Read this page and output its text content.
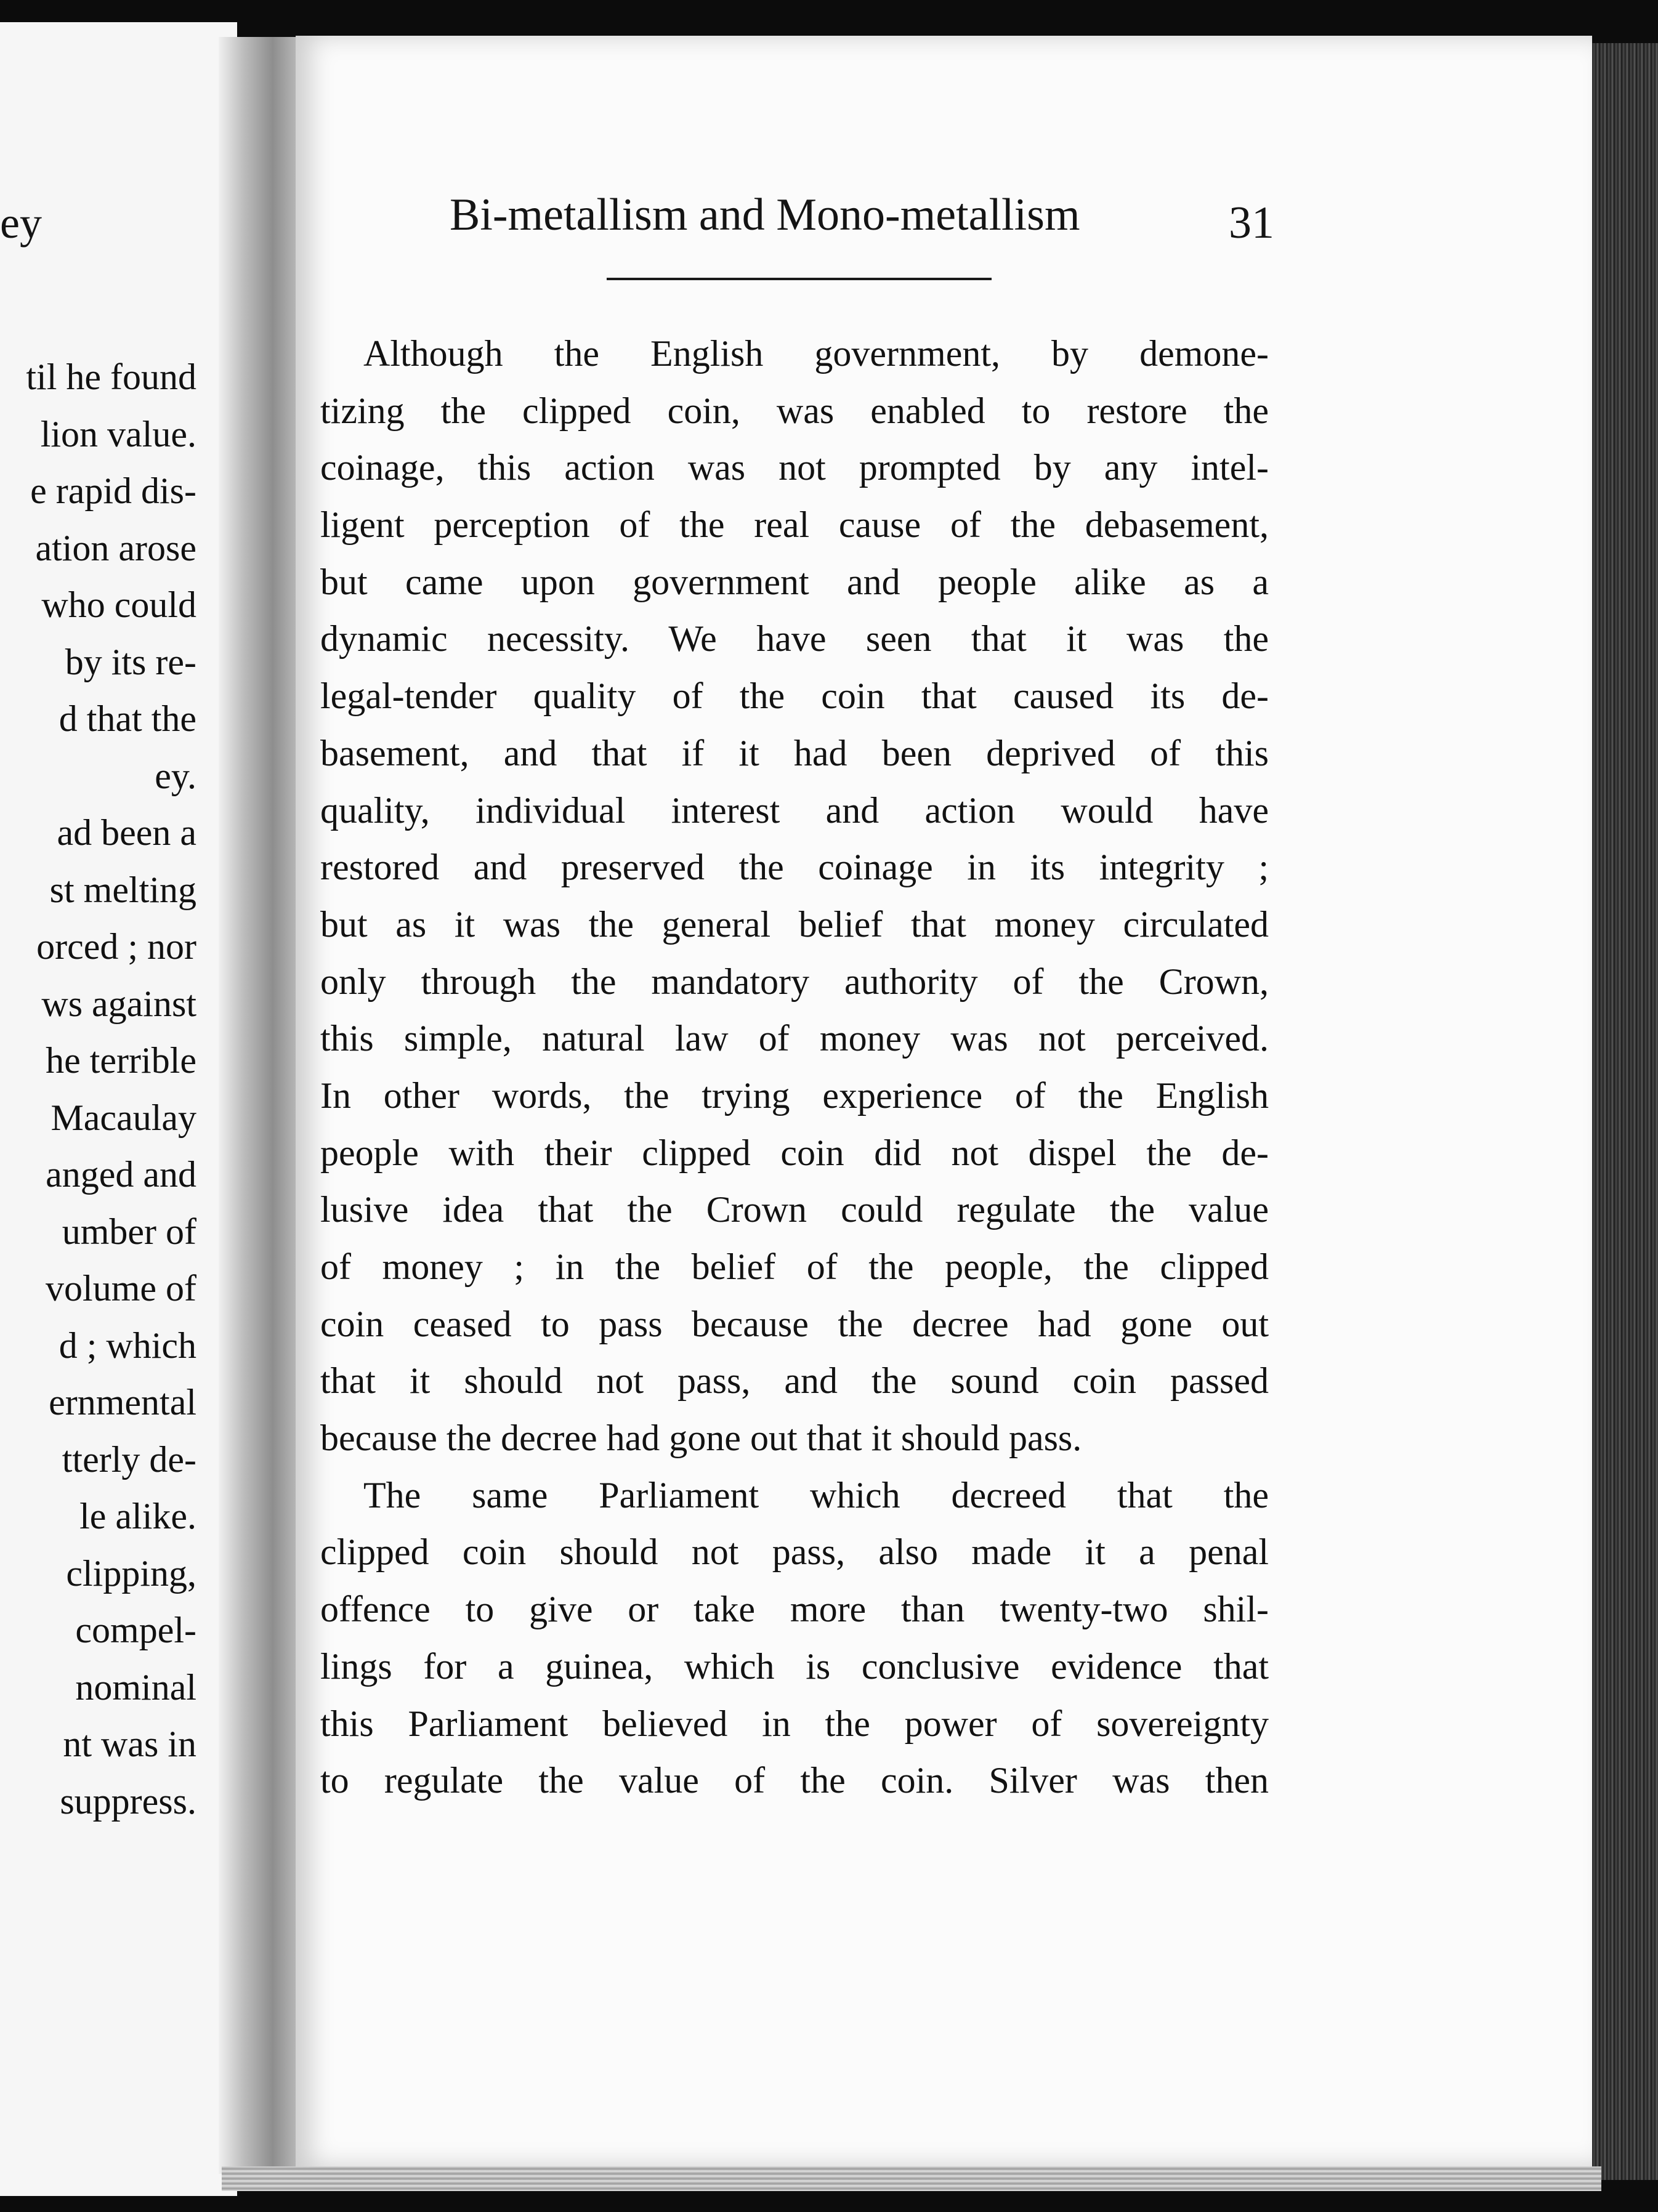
ey
til he found
lion value.
e rapid dis-
ation arose
who could
by its re-
d that the
ey.
ad been a
st melting
orced ; nor
ws against
he terrible
Macaulay
anged and
umber of
volume of
d ; which
ernmental
tterly de-
le alike.
clipping,
compel-
nominal
nt was in
suppress.
Bi-metallism and Mono-metallism	31
Although the English government, by demone-
tizing the clipped coin, was enabled to restore the
coinage, this action was not prompted by any intel-
ligent perception of the real cause of the debasement,
but came upon government and people alike as a
dynamic necessity. We have seen that it was the
legal-tender quality of the coin that caused its de-
basement, and that if it had been deprived of this
quality, individual interest and action would have
restored and preserved the coinage in its integrity ;
but as it was the general belief that money circulated
only through the mandatory authority of the Crown,
this simple, natural law of money was not perceived.
In other words, the trying experience of the English
people with their clipped coin did not dispel the de-
lusive idea that the Crown could regulate the value
of money ; in the belief of the people, the clipped
coin ceased to pass because the decree had gone out
that it should not pass, and the sound coin passed
because the decree had gone out that it should pass.
The same Parliament which decreed that the
clipped coin should not pass, also made it a penal
offence to give or take more than twenty-two shil-
lings for a guinea, which is conclusive evidence that
this Parliament believed in the power of sovereignty
to regulate the value of the coin. Silver was then
